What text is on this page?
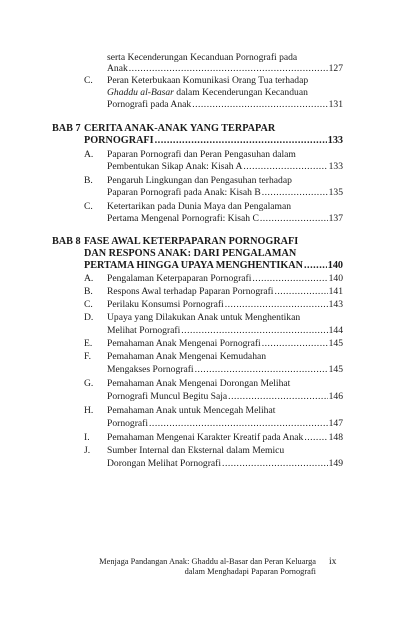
serta Kecenderungan Kecanduan Pornografi pada
Anak .....	127
C. Peran Keterbukaan Komunikasi Orang Tua terhadap
Ghaddu al-Basar dalam Kecenderungan Kecanduan
Pornografi pada Anak .....	131
BAB 7 CERITA ANAK-ANAK YANG TERPAPAR
PORNOGRAFI .....	133
A. Paparan Pornografi dan Peran Pengasuhan dalam
Pembentukan Sikap Anak: Kisah A .....	133
B. Pengaruh Lingkungan dan Pengasuhan terhadap
Paparan Pornografi pada Anak: Kisah B .....	135
C. Ketertarikan pada Dunia Maya dan Pengalaman
Pertama Mengenal Pornografi: Kisah C .....	137
BAB 8 FASE AWAL KETERPAPARAN PORNOGRAFI
DAN RESPONS ANAK: DARI PENGALAMAN
PERTAMA HINGGA UPAYA MENGHENTIKAN ..... 140
A. Pengalaman Keterpaparan Pornografi .....	140
B. Respons Awal terhadap Paparan Pornografi .....	141
C. Perilaku Konsumsi Pornografi .....	143
D. Upaya yang Dilakukan Anak untuk Menghentikan
Melihat Pornografi .....	144
E. Pemahaman Anak Mengenai Pornografi .....	145
F. Pemahaman Anak Mengenai Kemudahan
Mengakses Pornografi .....	145
G. Pemahaman Anak Mengenai Dorongan Melihat
Pornografi Muncul Begitu Saja .....	146
H. Pemahaman Anak untuk Mencegah Melihat
Pornografi .....	147
I. Pemahaman Mengenai Karakter Kreatif pada Anak .....	148
J. Sumber Internal dan Eksternal dalam Memicu
Dorongan Melihat Pornografi .....	149
Menjaga Pandangan Anak: Ghaddu al-Basar dan Peran Keluarga
dalam Menghadapi Paparan Pornografi
ix
